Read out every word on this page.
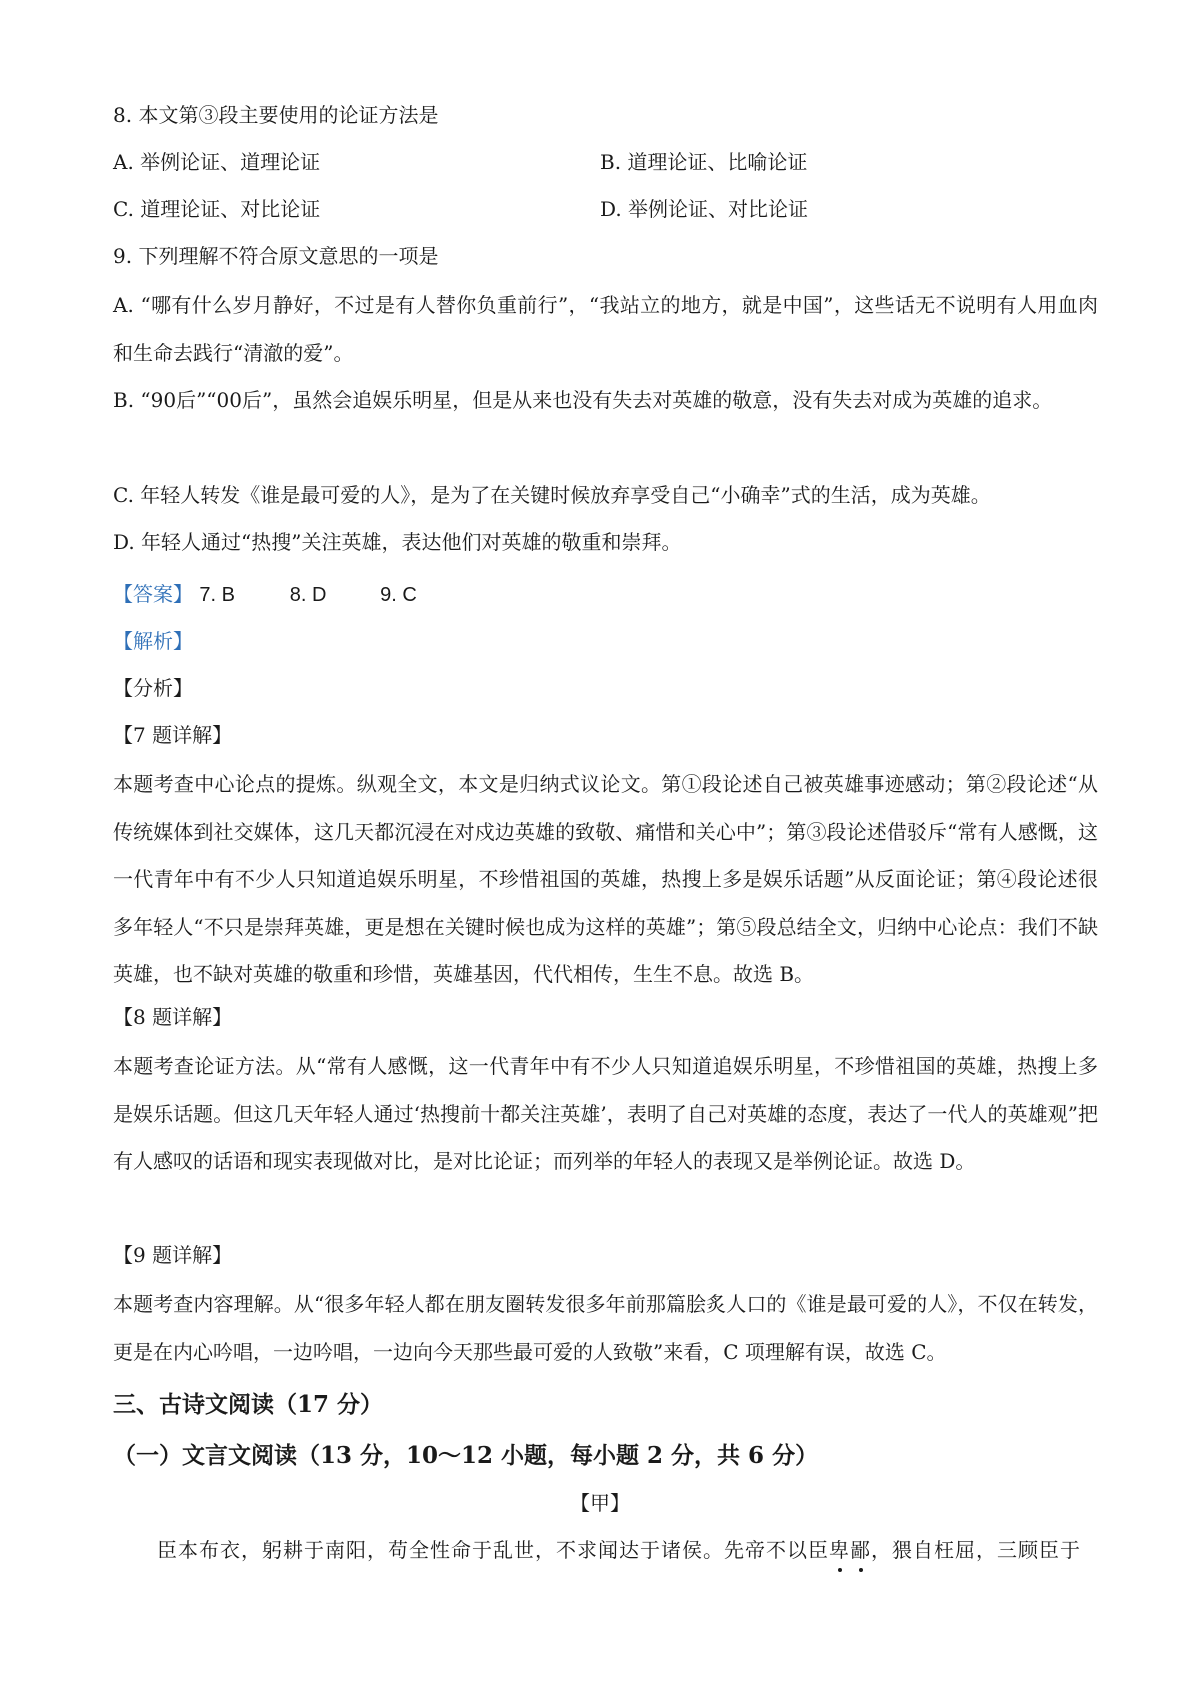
8. 本文第③段主要使用的论证方法是
A. 举例论证、道理论证	B. 道理论证、比喻论证
C. 道理论证、对比论证	D. 举例论证、对比论证
9. 下列理解不符合原文意思的一项是
A. “哪有什么岁月静好，不过是有人替你负重前行”，“我站立的地方，就是中国”，这些话无不说明有人用血肉和生命去践行“清澈的爱”。
B. “90后”“00后”，虽然会追娱乐明星，但是从来也没有失去对英雄的敬意，没有失去对成为英雄的追求。
C. 年轻人转发《谁是最可爱的人》，是为了在关键时候放弃享受自己“小确幸”式的生活，成为英雄。
D. 年轻人通过“热搜”关注英雄，表达他们对英雄的敬重和崇拜。
【答案】 7. B	8. D	9. C
【解析】
【分析】
【7 题详解】
本题考查中心论点的提炼。纵观全文，本文是归纳式议论文。第①段论述自己被英雄事迹感动；第②段论述“从传统媒体到社交媒体，这几天都沉浸在对戍边英雄的致敬、痛惜和关心中”；第③段论述借驳斥“常有人感慨，这一代青年中有不少人只知道追娱乐明星，不珍惜祖国的英雄，热搜上多是娱乐话题”从反面论证；第④段论述很多年轻人“不只是崇拜英雄，更是想在关键时候也成为这样的英雄”；第⑤段总结全文，归纳中心论点：我们不缺英雄，也不缺对英雄的敬重和珍惜，英雄基因，代代相传，生生不息。故选 B。
【8 题详解】
本题考查论证方法。从“常有人感慨，这一代青年中有不少人只知道追娱乐明星，不珍惜祖国的英雄，热搜上多是娱乐话题。但这几天年轻人通过‘热搜前十都关注英雄’，表明了自己对英雄的态度，表达了一代人的英雄观”把有人感叹的话语和现实表现做对比，是对比论证；而列举的年轻人的表现又是举例论证。故选 D。
【9 题详解】
本题考查内容理解。从“很多年轻人都在朋友圈转发很多年前那篇脍炙人口的《谁是最可爱的人》，不仅在转发，更是在内心吟唱，一边吟唱，一边向今天那些最可爱的人致敬”来看，C 项理解有误，故选 C。
三、古诗文阅读（17 分）
（一）文言文阅读（13 分，10～12 小题，每小题 2 分，共 6 分）
【甲】
臣本布衣，躬耕于南阳，苟全性命于乱世，不求闻达于诸侯。先帝不以臣卑鄙，猥自枉屈，三顾臣于
